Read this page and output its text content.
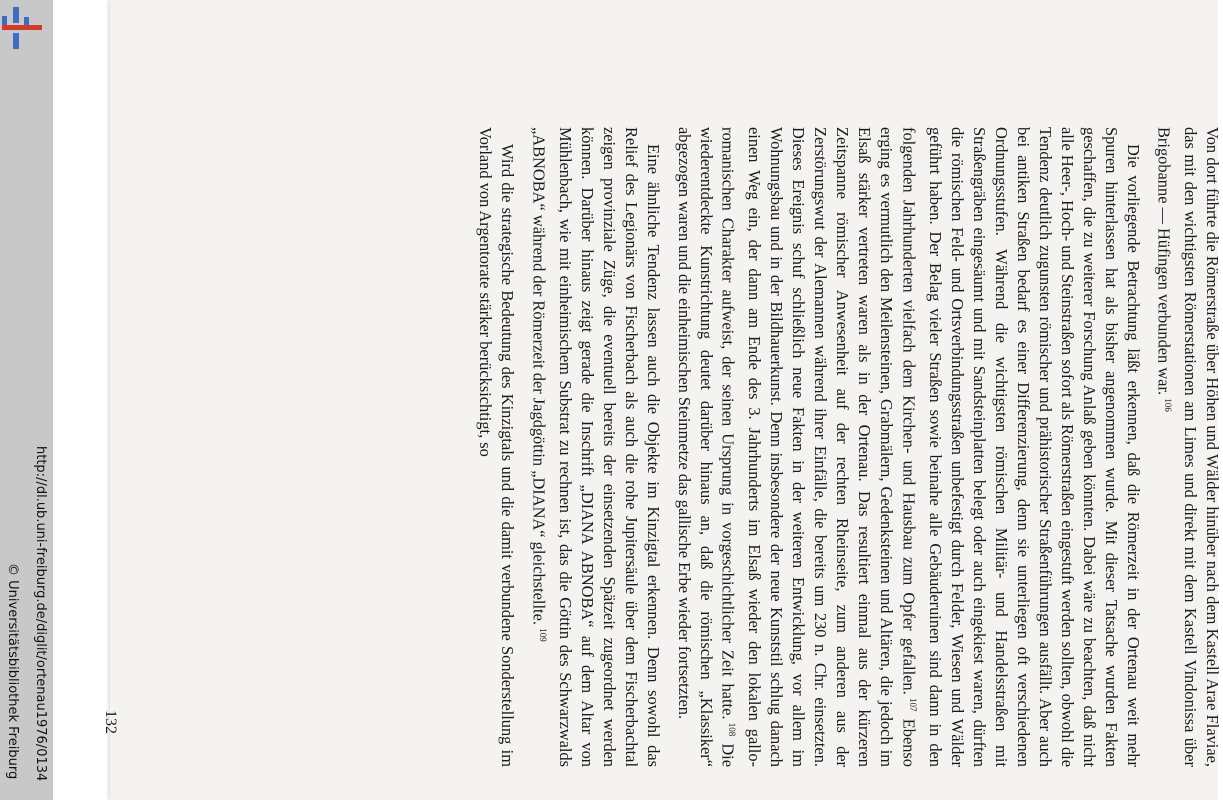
http://dl.ub.uni-freiburg.de/diglit/ortenau1976/0134
© Universitätsbibliothek Freiburg	Von dort führte die Römerstraße über Höhen und Wälder hinüber nach dem Kastell Arae Flaviae, das mit den wichtigsten Römerstationen am Limes und direkt mit dem Kastell Vindonissa über Brigobanne — Hüfingen verbunden war. $^{106}$

Die vorliegende Betrachtung läßt erkennen, daß die Römerzeit in der Ortenau weit mehr Spuren hinterlassen hat als bisher angenommen wurde. Mit dieser Tatsache wurden Fakten geschaffen, die zu weiterer Forschung Anlaß geben könnten. Dabei wäre zu beachten, daß nicht alle Heer-, Hoch- und Steinstraßen sofort als Römerstraßen eingestuft werden sollten, obwohl die Tendenz deutlich zugunsten römischer und prähistorischer Straßenführungen ausfällt. Aber auch bei antiken Straßen bedarf es einer Differenzierung, denn sie unterliegen oft verschiedenen Ordnungsstufen. Während die wichtigsten römischen Militär- und Handelsstraßen mit Straßengräben eingesäumt und mit Sandsteinplatten belegt oder auch eingekiest waren, dürften die römischen Feld- und Ortsverbindungsstraßen unbefestigt durch Felder, Wiesen und Wälder geführt haben. Der Belag vieler Straßen sowie beinahe alle Gebäuderuinen sind dann in den folgenden Jahrhunderten vielfach dem Kirchen- und Hausbau zum Opfer gefallen. $^{107}$ Ebenso erging es vermutlich den Meilensteinen, Grabmälern, Gedenksteinen und Altären, die jedoch im Elsaß stärker vertreten waren als in der Ortenau. Das resultiert einmal aus der kürzeren Zeitspanne römischer Anwesenheit auf der rechten Rheinseite, zum anderen aus der Zerstörungswut der Alemannen während ihrer Einfälle, die bereits um 230 n. Chr. einsetzten. Dieses Ereignis schuf schließlich neue Fakten in der weiteren Entwicklung, vor allem im Wohnungsbau und in der Bildhauerkunst. Denn insbesondere der neue Kunststil schlug danach einen Weg ein, der dann am Ende des 3. Jahrhunderts im Elsaß wieder den lokalen gallo-romanischen Charakter aufweist, der seinen Ursprung in vorgeschichtlicher Zeit hatte. $^{108}$ Die wiederentdeckte Kunstrichtung deutet darüber hinaus an, daß die römischen „Klassiker“ abgezogen waren und die einheimischen Steinmetze das gallische Erbe wieder fortsetzten.

Eine ähnliche Tendenz lassen auch die Objekte im Kinzigtal erkennen. Denn sowohl das Relief des Legionärs von Fischerbach als auch die rohe Jupitersäule über dem Fischerbachtal zeigen provinziale Züge, die eventuell bereits der einsetzenden Spätzeit zugeordnet werden können. Darüber hinaus zeigt gerade die Inschrift „DIANA ABNOBA“ auf dem Altar von Mühlenbach, wie mit einheimischem Substrat zu rechnen ist, das die Göttin des Schwarzwalds „ABNOBA“ während der Römerzeit der Jagdgöttin „DIANA“ gleichstellte. $^{109}$

Wird die strategische Bedeutung des Kinzigtals und die damit verbundene Sonderstellung im Vorland von Argentorate stärker berücksichtigt, so

132
